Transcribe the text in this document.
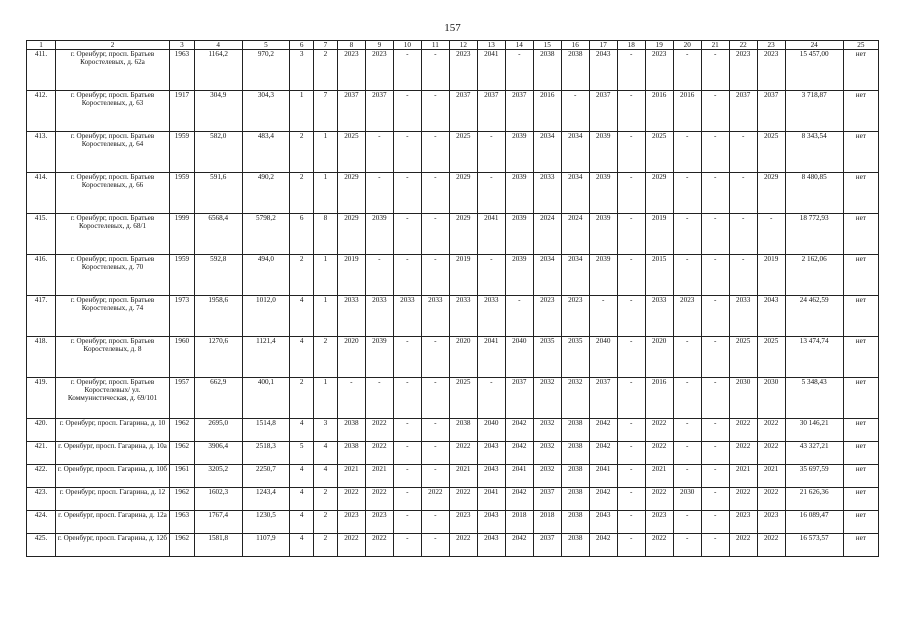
157
1	2	3	4	5	6	7	8	9	10	11	12	13	14	15	16	17	18	19	20	21	22	23	24	25
411.	г. Оренбург, просп. Братьев Коростелевых, д. 62а	1963	1164,2	970,2	3	2	2023	2023	-	-	2023	2041	-	2038	2038	2043	-	2023	-	-	2023	2023	15 457,00	нет
412.	г. Оренбург, просп. Братьев Коростелевых, д. 63	1917	304,9	304,3	1	7	2037	2037	-	-	2037	2037	2037	2016	-	2037	-	2016	2016	-	2037	2037	3 718,87	нет
413.	г. Оренбург, просп. Братьев Коростелевых, д. 64	1959	582,0	483,4	2	1	2025	-	-	-	2025	-	2039	2034	2034	2039	-	2025	-	-	-	2025	8 343,54	нет
414.	г. Оренбург, просп. Братьев Коростелевых, д. 66	1959	591,6	490,2	2	1	2029	-	-	-	2029	-	2039	2033	2034	2039	-	2029	-	-	-	2029	8 480,85	нет
415.	г. Оренбург, просп. Братьев Коростелевых, д. 68/1	1999	6568,4	5798,2	6	8	2029	2039	-	-	2029	2041	2039	2024	2024	2039	-	2019	-	-	-	-	18 772,93	нет
416.	г. Оренбург, просп. Братьев Коростелевых, д. 70	1959	592,8	494,0	2	1	2019	-	-	-	2019	-	2039	2034	2034	2039	-	2015	-	-	-	2019	2 162,06	нет
417.	г. Оренбург, просп. Братьев Коростелевых, д. 74	1973	1958,6	1012,0	4	1	2033	2033	2033	2033	2033	2033	-	2023	2023	-	-	2033	2023	-	2033	2043	24 462,59	нет
418.	г. Оренбург, просп. Братьев Коростелевых, д. 8	1960	1270,6	1121,4	4	2	2020	2039	-	-	2020	2041	2040	2035	2035	2040	-	2020	-	-	2025	2025	13 474,74	нет
419.	г. Оренбург, просп. Братьев Коростелевых/ ул. Коммунистическая, д. 69/101	1957	662,9	400,1	2	1	-	-	-	-	2025	-	2037	2032	2032	2037	-	2016	-	-	2030	2030	5 348,43	нет
420.	г. Оренбург, просп. Гагарина, д. 10	1962	2695,0	1514,8	4	3	2038	2022	-	-	2038	2040	2042	2032	2038	2042	-	2022	-	-	2022	2022	30 146,21	нет
421.	г. Оренбург, просп. Гагарина, д. 10а	1962	3906,4	2518,3	5	4	2038	2022	-	-	2022	2043	2042	2032	2038	2042	-	2022	-	-	2022	2022	43 327,21	нет
422.	г. Оренбург, просп. Гагарина, д. 10б	1961	3205,2	2250,7	4	4	2021	2021	-	-	2021	2043	2041	2032	2038	2041	-	2021	-	-	2021	2021	35 697,59	нет
423.	г. Оренбург, просп. Гагарина, д. 12	1962	1602,3	1243,4	4	2	2022	2022	-	2022	2022	2041	2042	2037	2038	2042	-	2022	2030	-	2022	2022	21 626,36	нет
424.	г. Оренбург, просп. Гагарина, д. 12а	1963	1767,4	1230,5	4	2	2023	2023	-	-	2023	2043	2018	2018	2038	2043	-	2023	-	-	2023	2023	16 089,47	нет
425.	г. Оренбург, просп. Гагарина, д. 12б	1962	1581,8	1107,9	4	2	2022	2022	-	-	2022	2043	2042	2037	2038	2042	-	2022	-	-	2022	2022	16 573,57	нет
